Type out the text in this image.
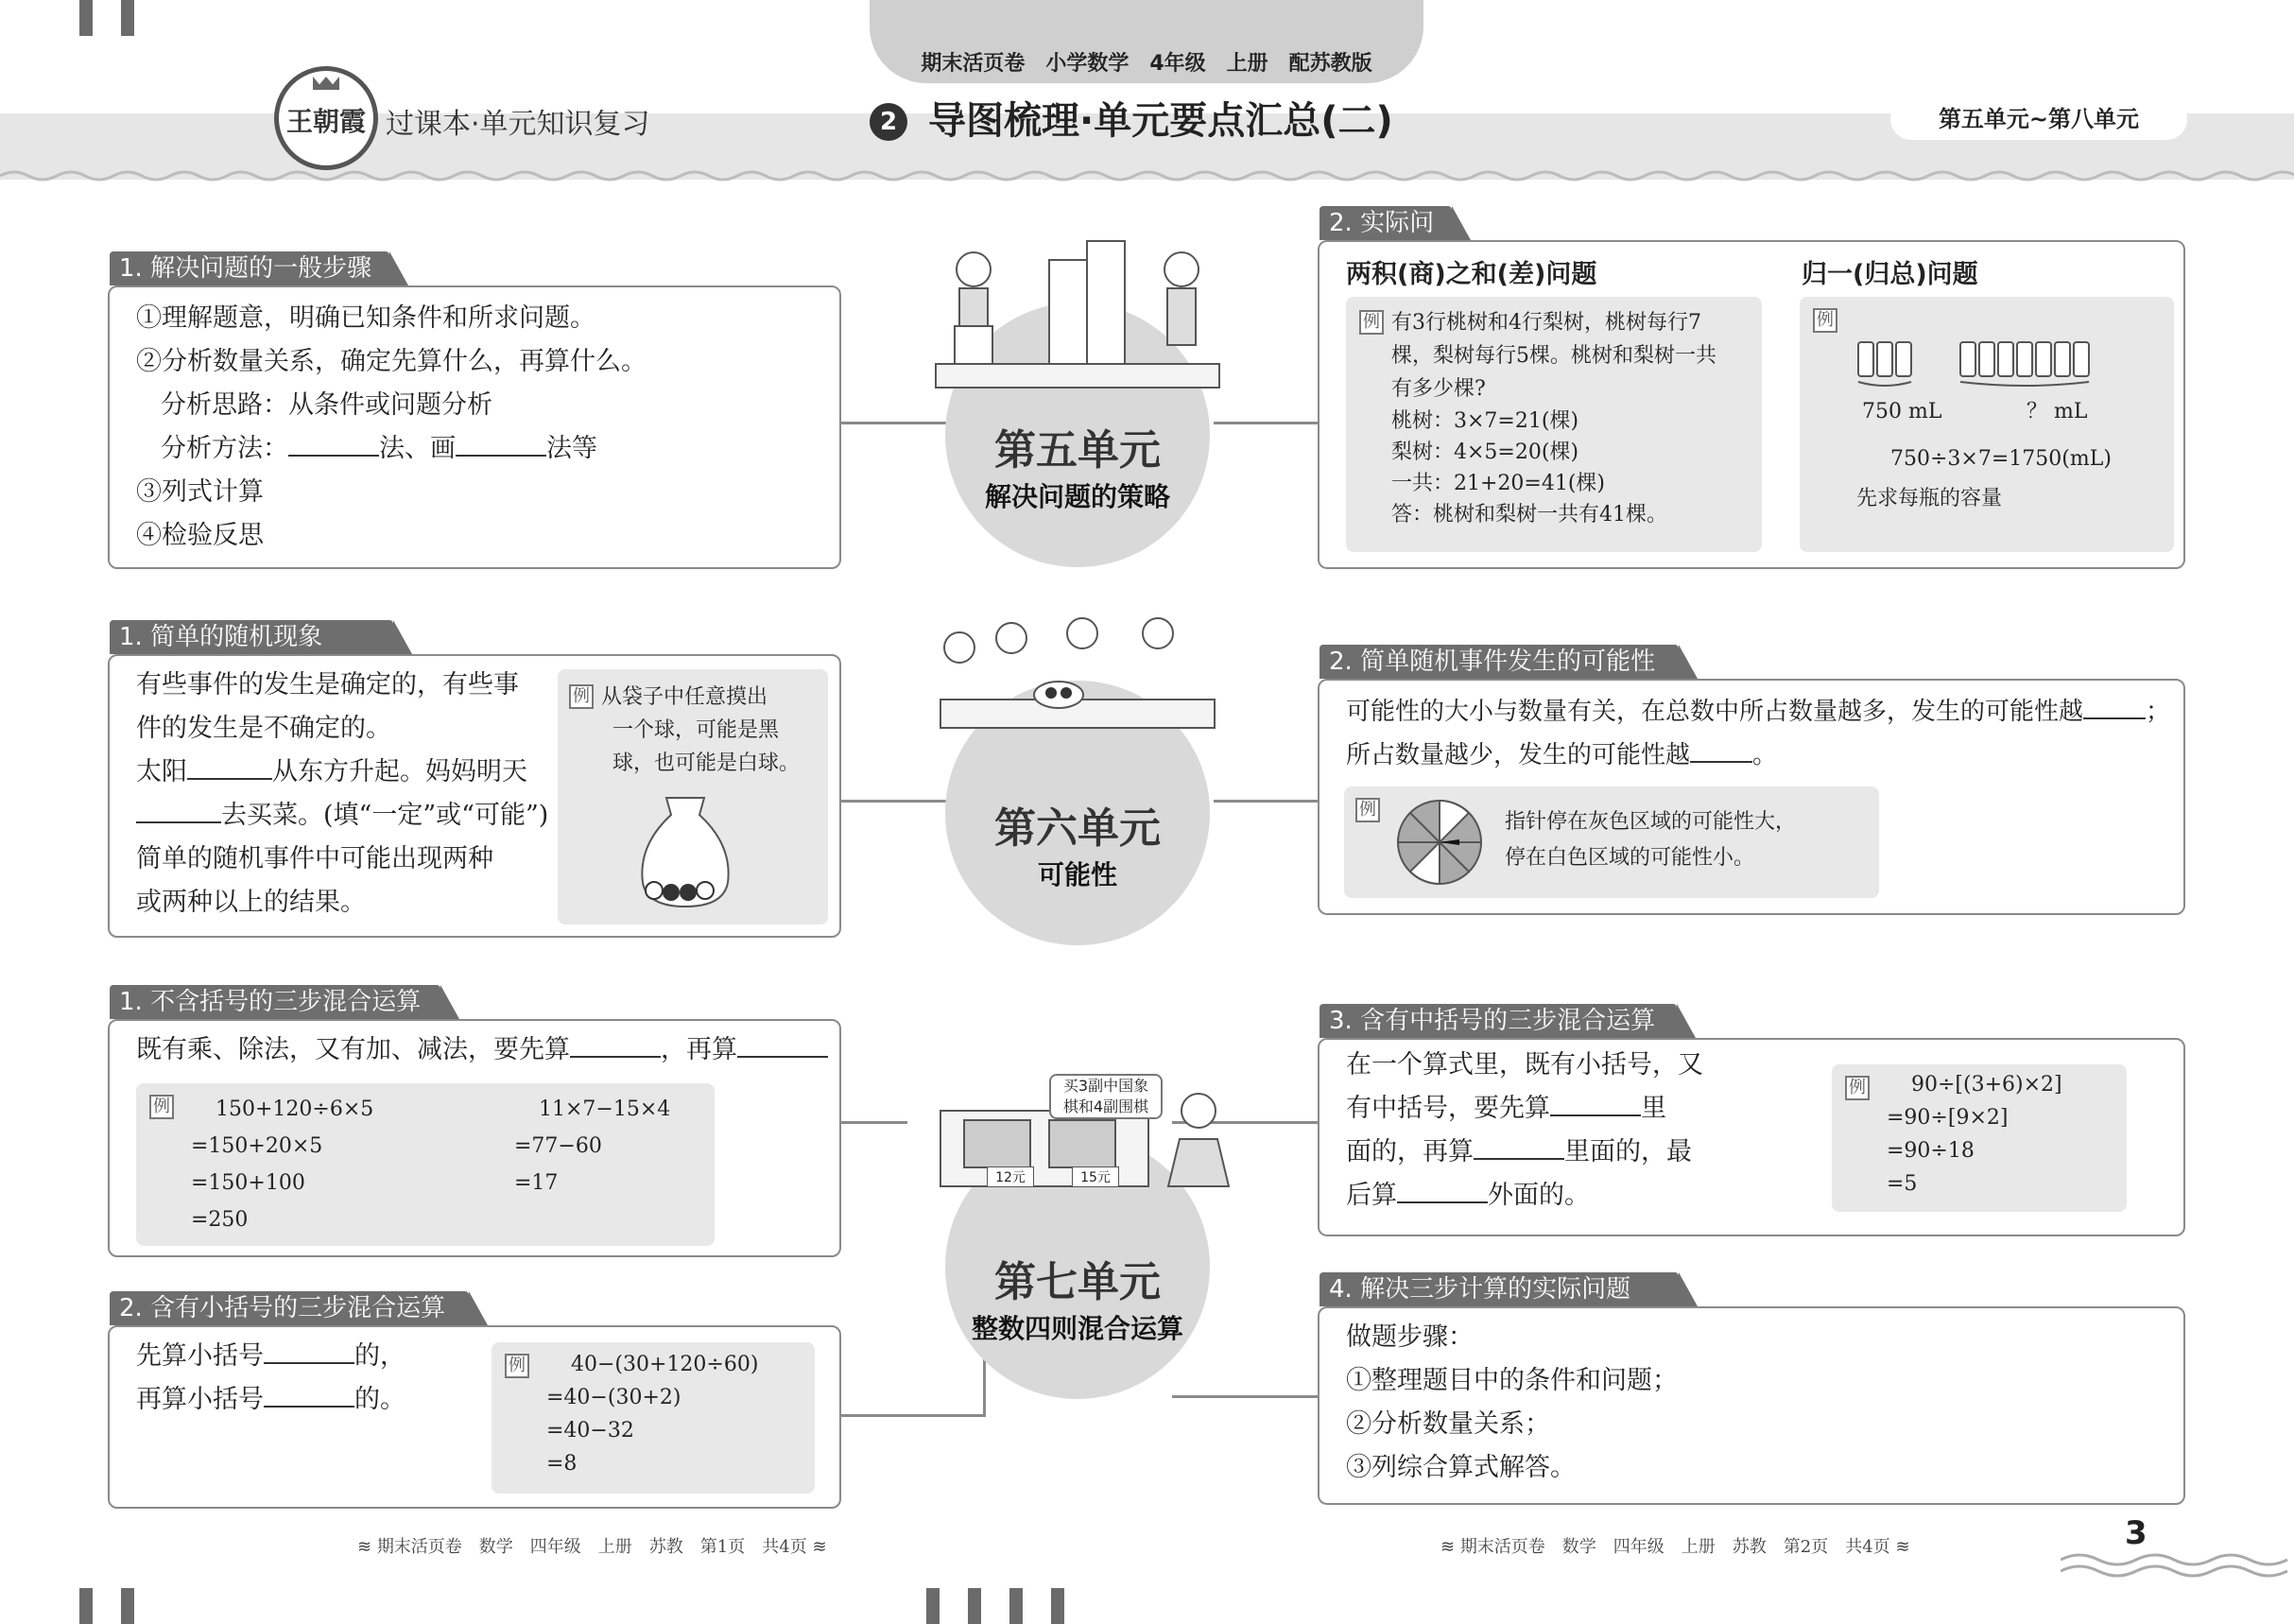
期末活页卷　小学数学　4年级　上册　配苏教版
王朝霞 过课本·单元知识复习	2 导图梳理·单元要点汇总(二)	第五单元~第八单元
第五单元
解决问题的策略
第六单元
可能性
第七单元
整数四则混合运算
买3副中国象
棋和4副围棋
12元	15元
1. 解决问题的一般步骤
①理解题意，明确已知条件和所求问题。
②分析数量关系，确定先算什么，再算什么。
分析思路：从条件或问题分析
分析方法：	法、画	法等
③列式计算
④检验反思
2. 实际问
两积(商)之和(差)问题
例 有3行桃树和4行梨树，桃树每行7
棵，梨树每行5棵。桃树和梨树一共
有多少棵?
桃树：3×7=21(棵)
梨树：4×5=20(棵)
一共：21+20=41(棵)
答：桃树和梨树一共有41棵。
归一(归总)问题
例
750 mL	？ mL
750÷3×7=1750(mL)
先求每瓶的容量
1. 简单的随机现象
有些事件的发生是确定的，有些事
件的发生是不确定的。
太阳	从东方升起。妈妈明天
去买菜。(填“一定”或“可能”)
简单的随机事件中可能出现两种
或两种以上的结果。
例 从袋子中任意摸出
一个球，可能是黑
球，也可能是白球。
2. 简单随机事件发生的可能性
可能性的大小与数量有关，在总数中所占数量越多，发生的可能性越	；
所占数量越少，发生的可能性越	。
例
指针停在灰色区域的可能性大，
停在白色区域的可能性小。
1. 不含括号的三步混合运算
既有乘、除法，又有加、减法，要先算	，再算
例	150+120÷6×5
=150+20×5
=150+100
=250
11×7−15×4
=77−60
=17
2. 含有小括号的三步混合运算
先算小括号	的，
再算小括号	的。
例	40−(30+120÷60)
=40−(30+2)
=40−32
=8
3. 含有中括号的三步混合运算
在一个算式里，既有小括号，又
有中括号，要先算	里
面的，再算	里面的，最
后算	外面的。
例	90÷[(3+6)×2]
=90÷[9×2]
=90÷18
=5
4. 解决三步计算的实际问题
做题步骤：
①整理题目中的条件和问题；
②分析数量关系；
③列综合算式解答。
≋ 期末活页卷　数学　四年级　上册　苏教　第1页　共4页 ≋	≋ 期末活页卷　数学　四年级　上册　苏教　第2页　共4页 ≋	3
